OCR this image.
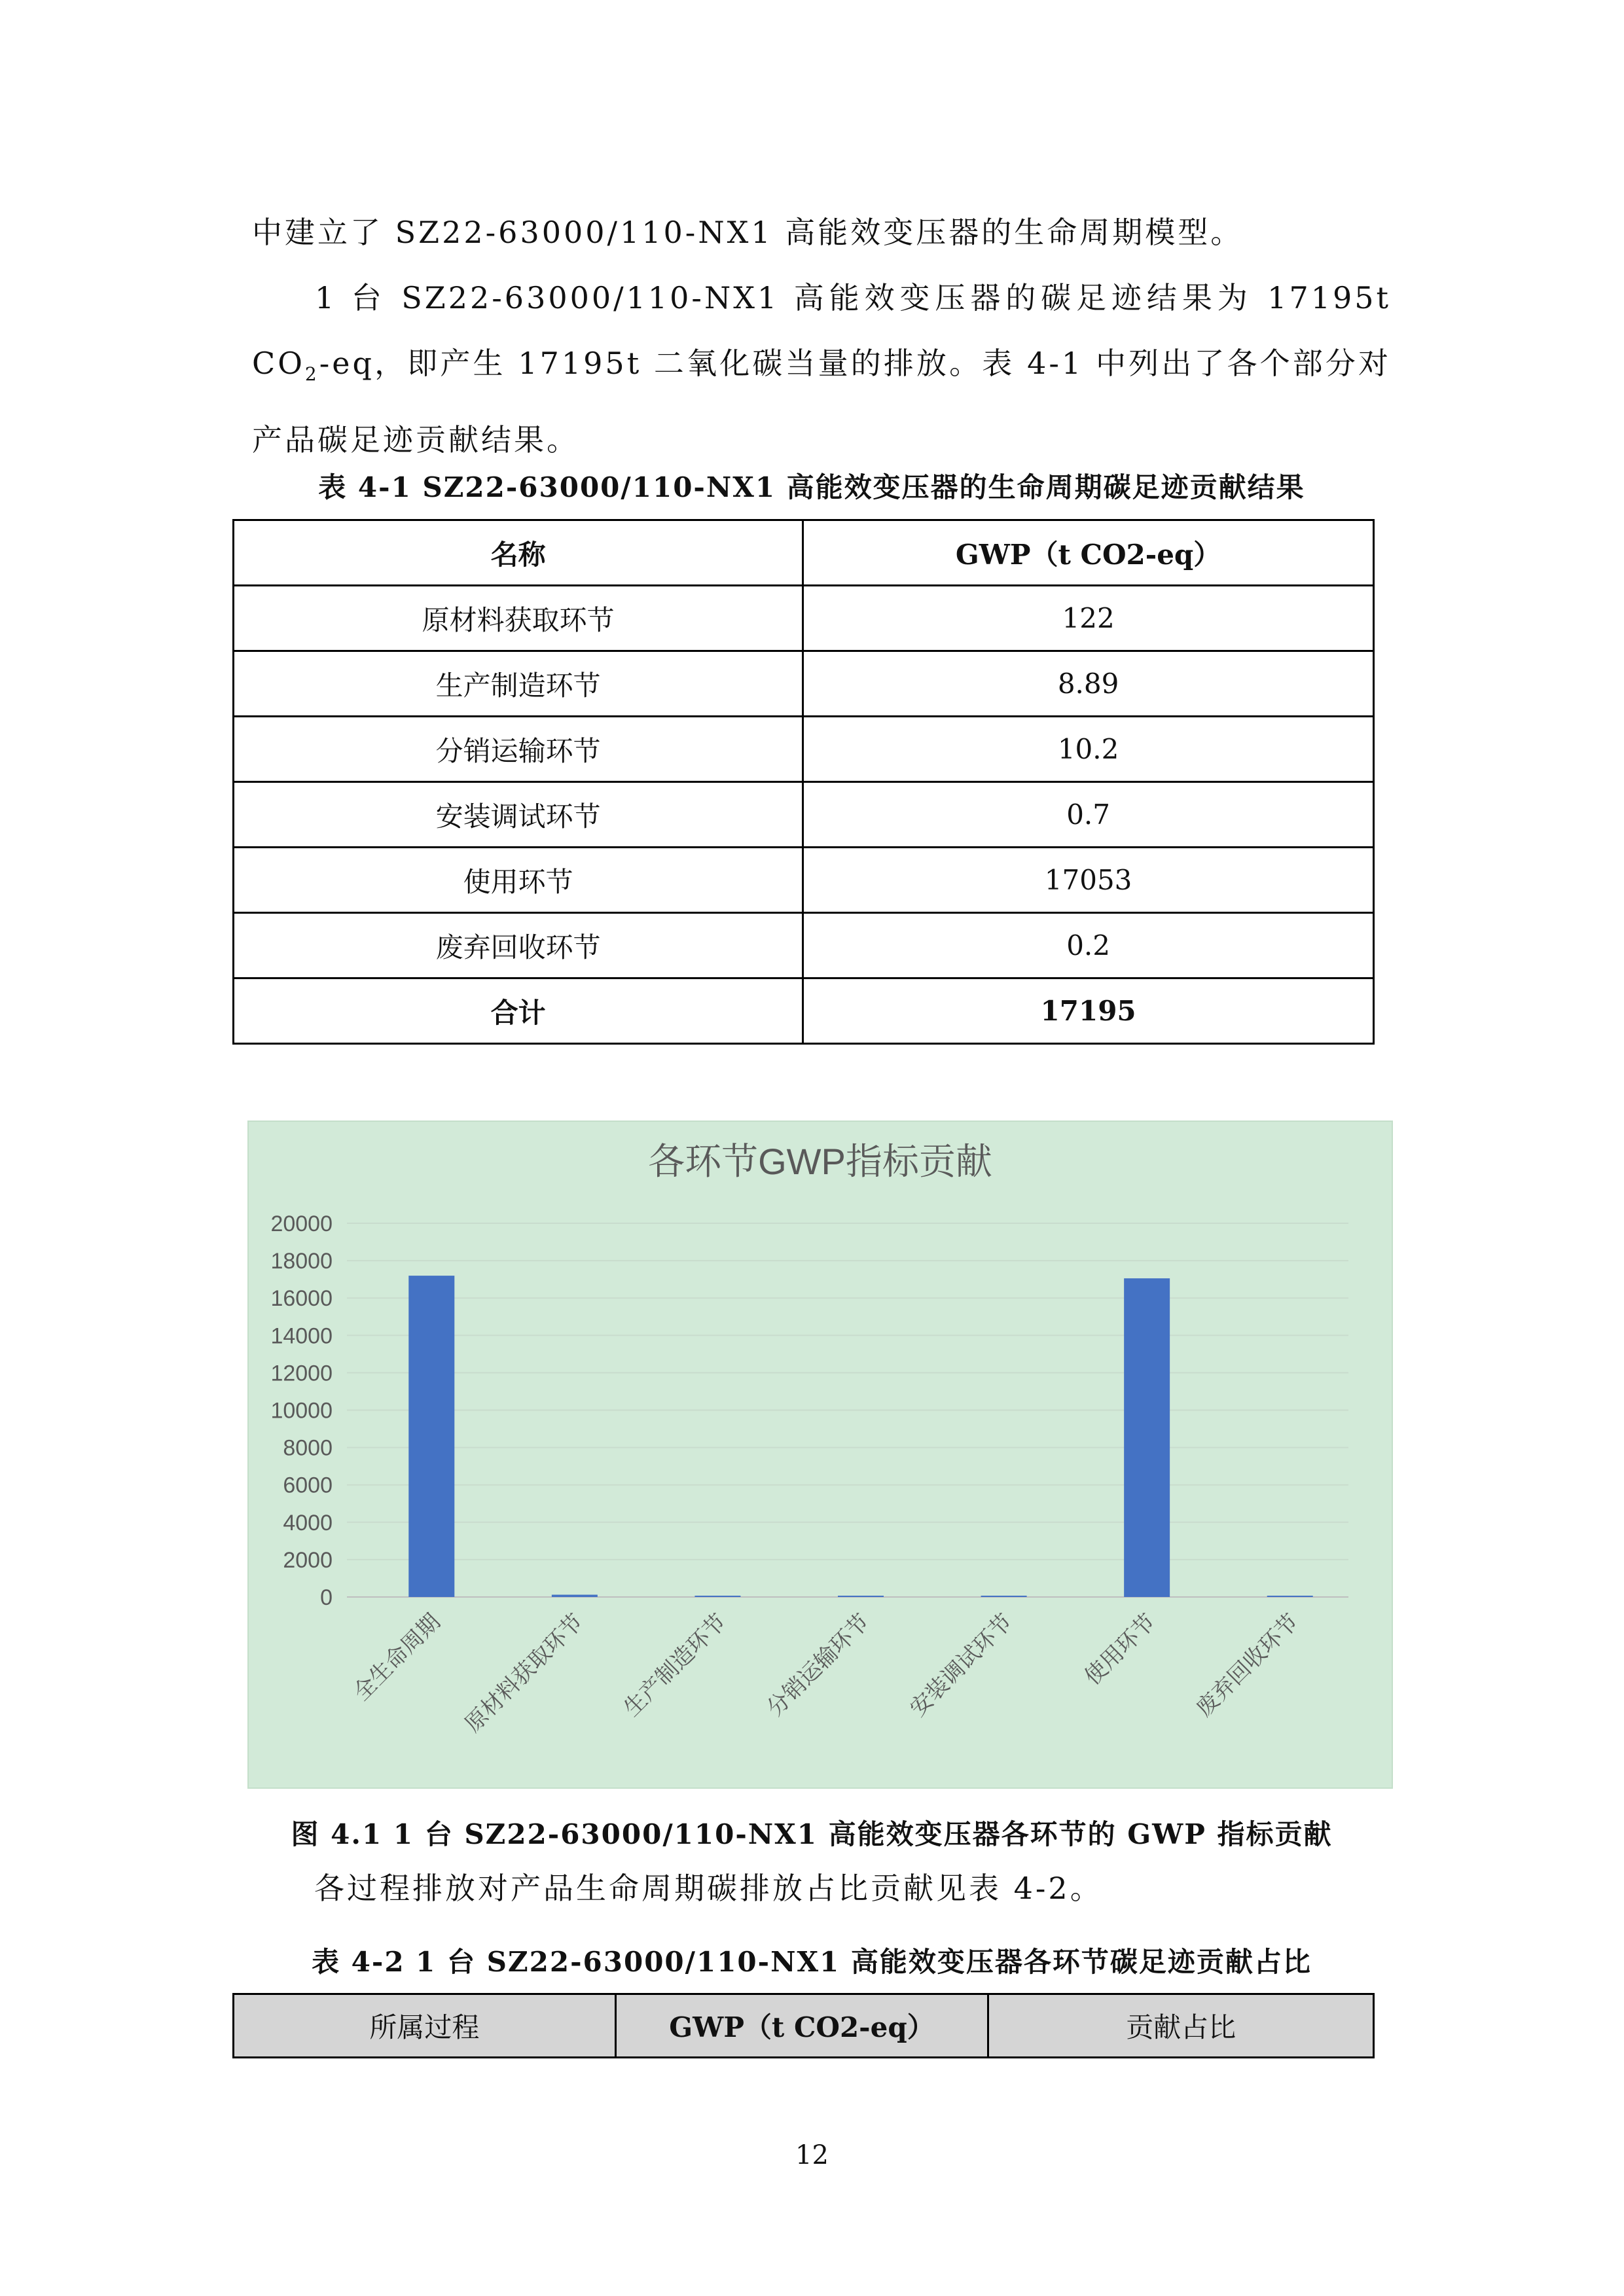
中建立了 SZ22-63000/110-NX1 高能效变压器的生命周期模型。
1 台 SZ22-63000/110-NX1 高能效变压器的碳足迹结果为 17195t $CO_2-eq$，即产生 17195t 二氧化碳当量的排放。表 4-1 中列出了各个部分对产品碳足迹贡献结果。
表 4-1 SZ22-63000/110-NX1 高能效变压器的生命周期碳足迹贡献结果
名称	GWP（t CO2-eq）
原材料获取环节	122
生产制造环节	8.89
分销运输环节	10.2
安装调试环节	0.7
使用环节	17053
废弃回收环节	0.2
合计	17195
各环节GWP指标贡献
0
2000
4000
6000
8000
10000
12000
14000
16000
18000
20000
全生命周期 原材料获取环节 生产制造环节 分销运输环节 安装调试环节	使用环节 废弃回收环节
图 4.1 1 台 SZ22-63000/110-NX1 高能效变压器各环节的 GWP 指标贡献
各过程排放对产品生命周期碳排放占比贡献见表 4-2。
表 4-2 1 台 SZ22-63000/110-NX1 高能效变压器各环节碳足迹贡献占比
所属过程	GWP（t CO2-eq）	贡献占比
12
